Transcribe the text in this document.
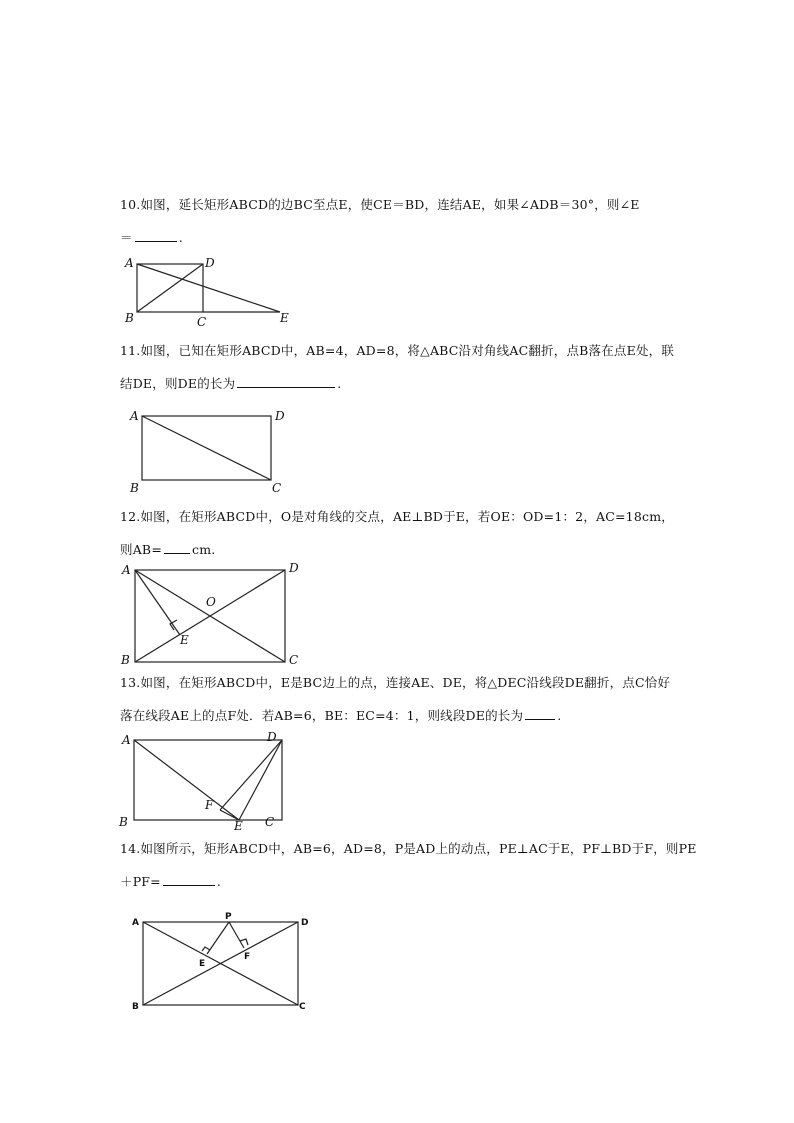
10.如图，延长矩形ABCD的边BC至点E，使CE＝BD，连结AE，如果∠ADB＝30°，则∠E
＝	.
A	D
B	C	E
11.如图，已知在矩形ABCD中，AB=4，AD=8，将△ABC沿对角线AC翻折，点B落在点E处，联
结DE，则DE的长为	.
A	D
B	C
12.如图，在矩形ABCD中，O是对角线的交点，AE⊥BD于E，若OE：OD=1：2，AC=18cm，
则AB= cm.
A	D
B	C
O
E
13.如图，在矩形ABCD中，E是BC边上的点，连接AE、DE，将△DEC沿线段DE翻折，点C恰好
落在线段AE上的点F处．若AB=6，BE：EC=4：1，则线段DE的长为	.
A	D
B	C
F
E
14.如图所示，矩形ABCD中，AB=6，AD=8，P是AD上的动点，PE⊥AC于E，PF⊥BD于F，则PE
＋PF=	.
A	D
B	C
P
E
F
